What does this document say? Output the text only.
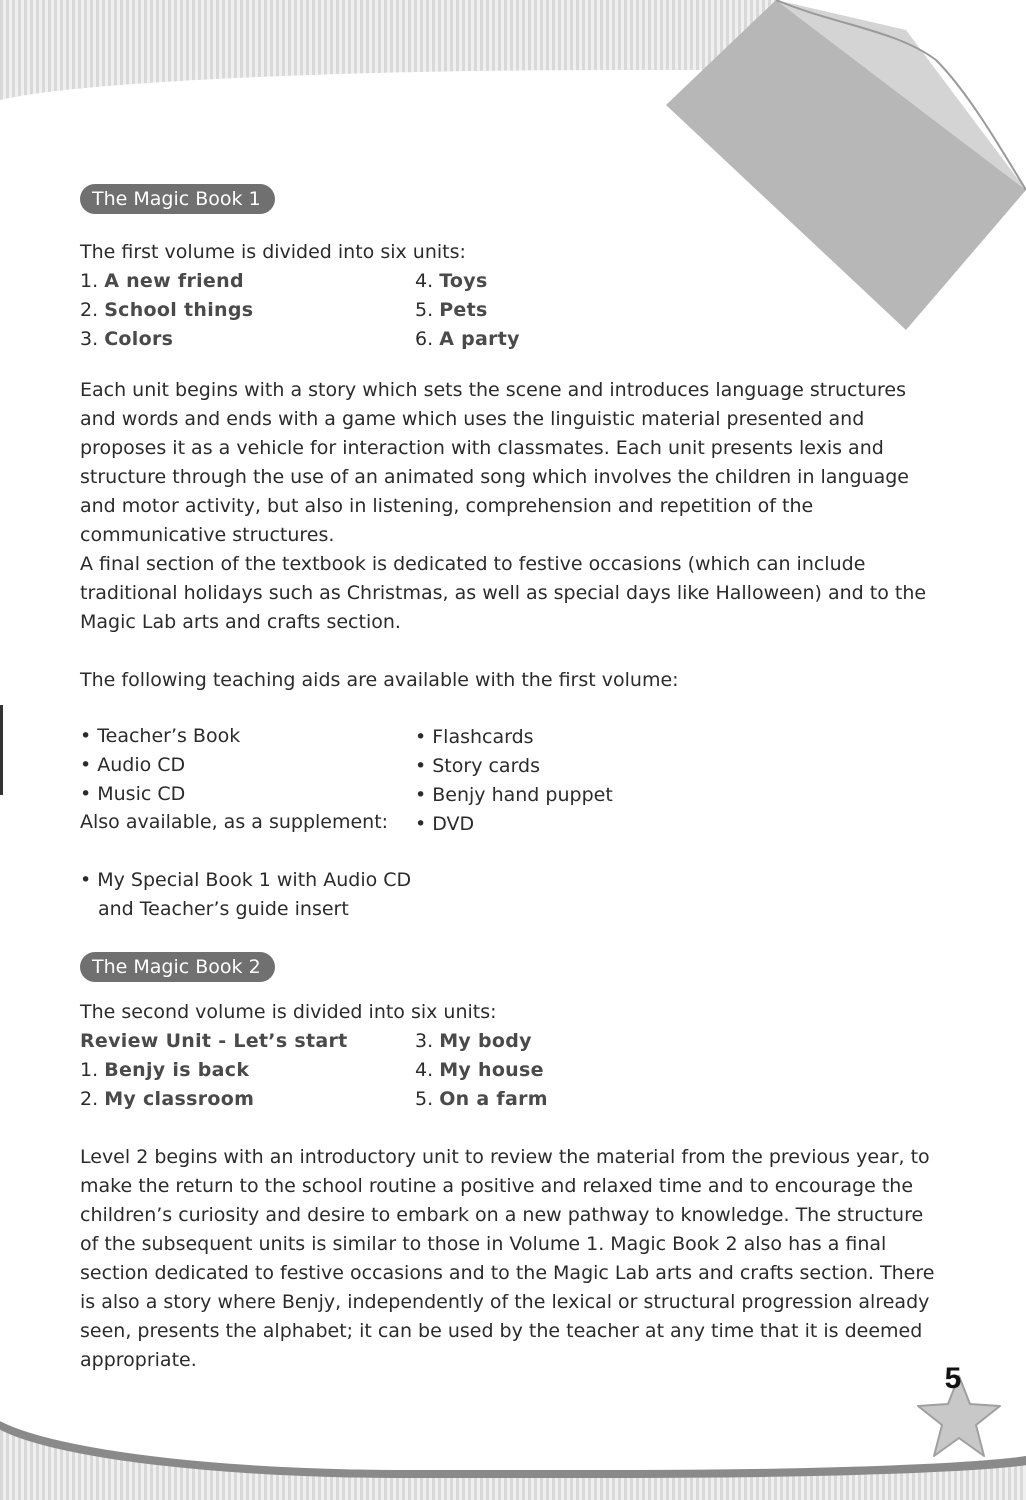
The Magic Book 1

The first volume is divided into six units:

1. A new friend
2. School things
3. Colors
4. Toys
5. Pets
6. A party

Each unit begins with a story which sets the scene and introduces language structures and words and ends with a game which uses the linguistic material presented and proposes it as a vehicle for interaction with classmates. Each unit presents lexis and structure through the use of an animated song which involves the children in language and motor activity, but also in listening, comprehension and repetition of the communicative structures.

A final section of the textbook is dedicated to festive occasions (which can include traditional holidays such as Christmas, as well as special days like Halloween) and to the Magic Lab arts and crafts section.

The following teaching aids are available with the first volume:

• Teacher’s Book
• Audio CD
• Music CD
• Flashcards
• Story cards
• Benjy hand puppet
• DVD

Also available, as a supplement:

• My Special Book 1 with Audio CD

and Teacher’s guide insert

The Magic Book 2

The second volume is divided into six units:

Review Unit - Let’s start
1. Benjy is back
2. My classroom
3. My body
4. My house
5. On a farm

Level 2 begins with an introductory unit to review the material from the previous year, to make the return to the school routine a positive and relaxed time and to encourage the children’s curiosity and desire to embark on a new pathway to knowledge. The structure of the subsequent units is similar to those in Volume 1. Magic Book 2 also has a final section dedicated to festive occasions and to the Magic Lab arts and crafts section. There is also a story where Benjy, independently of the lexical or structural progression already seen, presents the alphabet; it can be used by the teacher at any time that it is deemed appropriate.

5
